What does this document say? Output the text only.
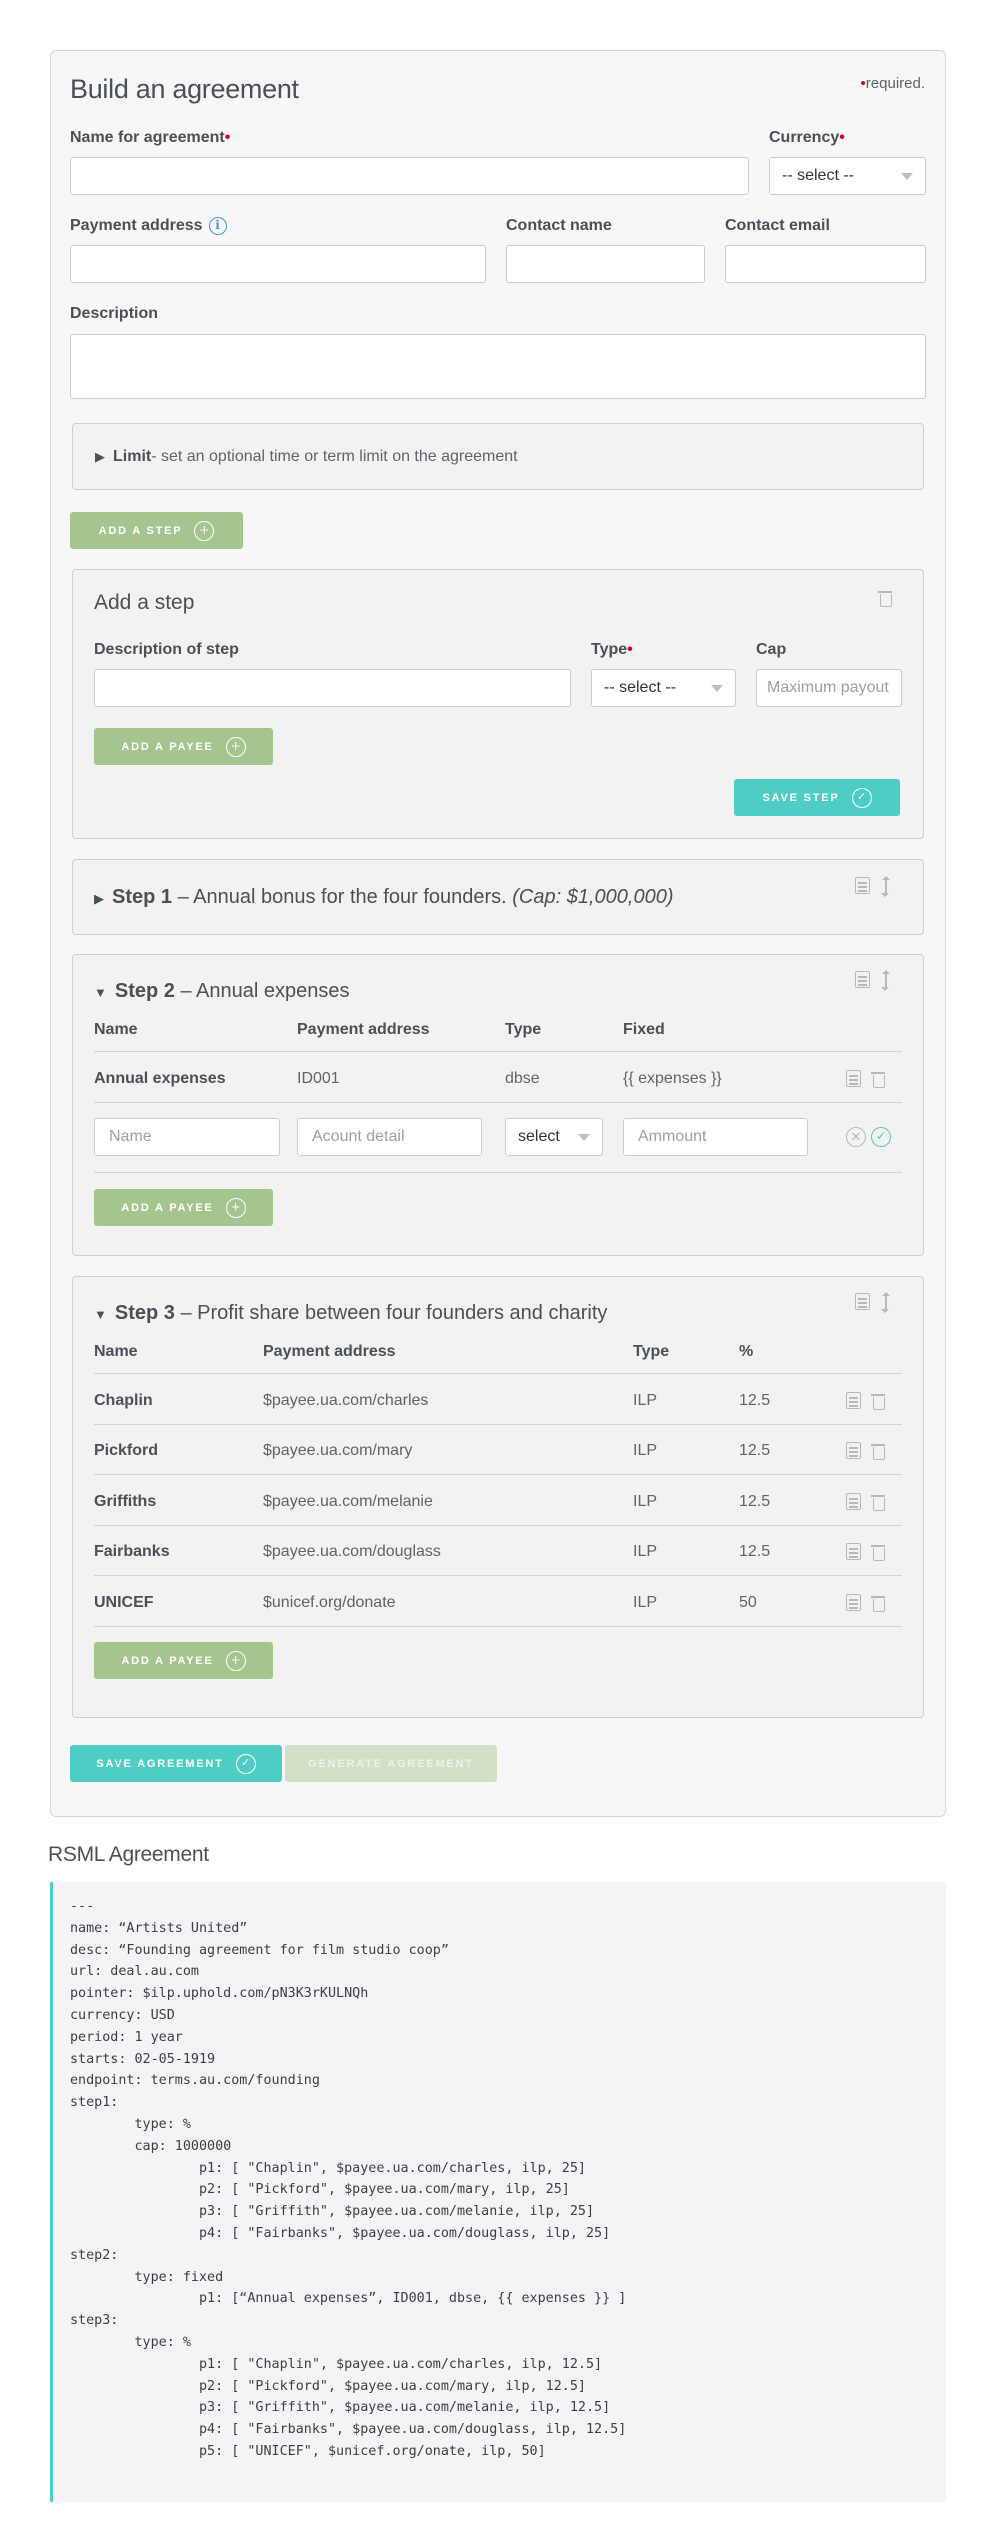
Build an agreement	•required.
Name for agreement•	Currency•
-- select --
Payment address i	Contact name	Contact email
Description
▶ Limit - set an optional time or term limit on the agreement
ADD A STEP	+
Add a step
Description of step	Type•
-- select --
Cap
Maximum payout
ADD A PAYEE	+
SAVE STEP	✓
▶ Step 1 – Annual bonus for the four founders. (Cap: $1,000,000)
▼ Step 2 – Annual expenses
Name	Payment address	Type	Fixed
Annual expenses	ID001	dbse	{{ expenses }}
Name	Acount detail	select	Ammount	✕	✓
ADD A PAYEE	+
▼ Step 3 – Profit share between four founders and charity
Name	Payment address	Type	%
Chaplin	$payee.ua.com/charles	ILP	12.5
Pickford	$payee.ua.com/mary	ILP	12.5
Griffiths	$payee.ua.com/melanie	ILP	12.5
Fairbanks	$payee.ua.com/douglass	ILP	12.5
UNICEF	$unicef.org/donate	ILP	50
ADD A PAYEE	+
SAVE AGREEMENT	✓	GENERATE AGREEMENT
RSML Agreement
---
name: “Artists United”
desc: “Founding agreement for film studio coop”
url: deal.au.com
pointer: $ilp.uphold.com/pN3K3rKULNQh
currency: USD
period: 1 year
starts: 02-05-1919
endpoint: terms.au.com/founding
step1:
type: %
cap: 1000000
p1: [ "Chaplin", $payee.ua.com/charles, ilp, 25]
p2: [ "Pickford", $payee.ua.com/mary, ilp, 25]
p3: [ "Griffith", $payee.ua.com/melanie, ilp, 25]
p4: [ "Fairbanks", $payee.ua.com/douglass, ilp, 25]
step2:
type: fixed
p1: [“Annual expenses”, ID001, dbse, {{ expenses }} ]
step3:
type: %
p1: [ "Chaplin", $payee.ua.com/charles, ilp, 12.5]
p2: [ "Pickford", $payee.ua.com/mary, ilp, 12.5]
p3: [ "Griffith", $payee.ua.com/melanie, ilp, 12.5]
p4: [ "Fairbanks", $payee.ua.com/douglass, ilp, 12.5]
p5: [ "UNICEF", $unicef.org/onate, ilp, 50]
